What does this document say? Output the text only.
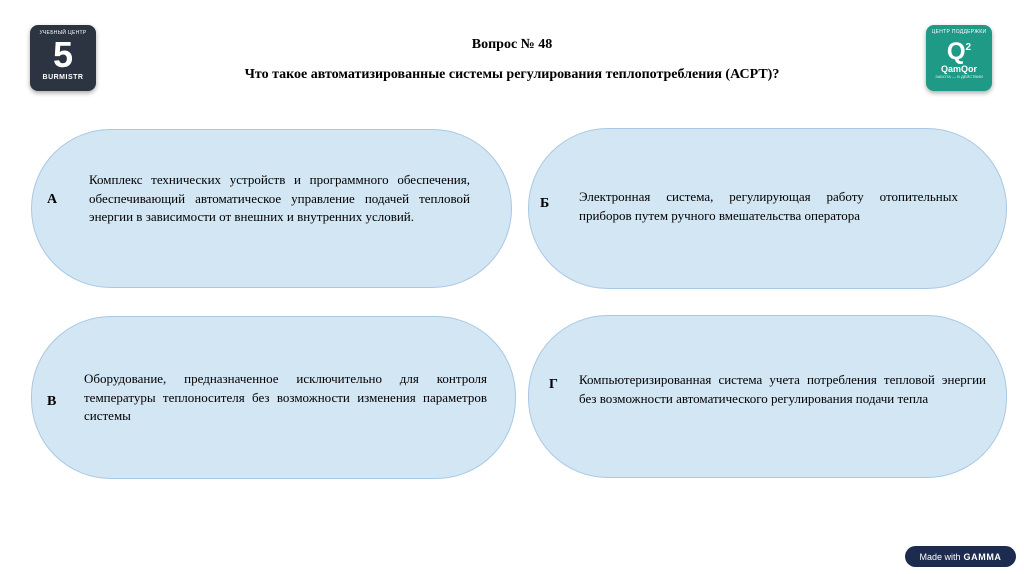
УЧЕБНЫЙ ЦЕНТР
5
BURMISTR
ЦЕНТР ПОДДЕРЖКИ
$Q^2$
QamQor
ЗАБОТА — В ДЕЙСТВИИ
Вопрос № 48
Что такое автоматизированные системы регулирования теплопотребления (АСРТ)?
А
Комплекс технических устройств и программного обеспечения, обеспечивающий автоматическое управление подачей тепловой энергии в зависимости от внешних и внутренних условий.
Б Электронная система, регулирующая работу отопительных приборов путем ручного вмешательства оператора
В
Оборудование, предназначенное исключительно для контроля температуры теплоносителя без возможности изменения параметров системы
Г Компьютеризированная система учета потребления тепловой энергии без возможности автоматического регулирования подачи тепла
Made with GAMMA
